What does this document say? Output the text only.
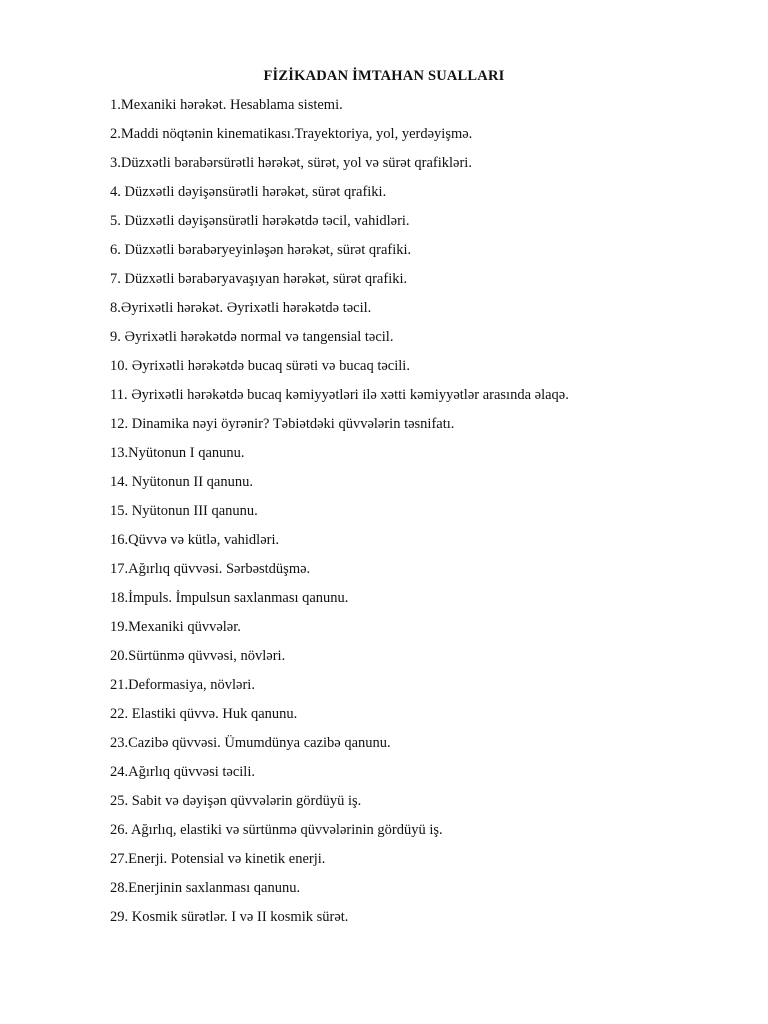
FİZİKADAN İMTAHAN SUALLARI
1.Mexaniki hərəkət. Hesablama sistemi.
2.Maddi nöqtənin kinematikası.Trayektoriya, yol, yerdəyişmə.
3.Düzxətli bərabərsürətli hərəkət, sürət, yol və sürət qrafikləri.
4. Düzxətli dəyişənsürətli hərəkət, sürət qrafiki.
5. Düzxətli dəyişənsürətli hərəkətdə təcil, vahidləri.
6. Düzxətli bərabəryeyinləşən hərəkət, sürət qrafiki.
7. Düzxətli bərabəryavaşıyan hərəkət, sürət qrafiki.
8.Əyrixətli hərəkət. Əyrixətli hərəkətdə təcil.
9. Əyrixətli hərəkətdə normal və tangensial təcil.
10. Əyrixətli hərəkətdə bucaq sürəti və bucaq təcili.
11. Əyrixətli hərəkətdə bucaq kəmiyyətləri ilə xətti kəmiyyətlər arasında əlaqə.
12. Dinamika nəyi öyrənir? Təbiətdəki qüvvələrin təsnifatı.
13.Nyütonun I qanunu.
14. Nyütonun II qanunu.
15. Nyütonun III qanunu.
16.Qüvvə və kütlə, vahidləri.
17.Ağırlıq qüvvəsi. Sərbəstdüşmə.
18.İmpuls. İmpulsun saxlanması qanunu.
19.Mexaniki qüvvələr.
20.Sürtünmə qüvvəsi, növləri.
21.Deformasiya, növləri.
22. Elastiki qüvvə. Huk qanunu.
23.Cazibə qüvvəsi. Ümumdünya cazibə qanunu.
24.Ağırlıq qüvvəsi təcili.
25. Sabit və dəyişən qüvvələrin gördüyü iş.
26. Ağırlıq, elastiki və sürtünmə qüvvələrinin gördüyü iş.
27.Enerji. Potensial və kinetik enerji.
28.Enerjinin saxlanması qanunu.
29. Kosmik sürətlər. I və II kosmik sürət.
